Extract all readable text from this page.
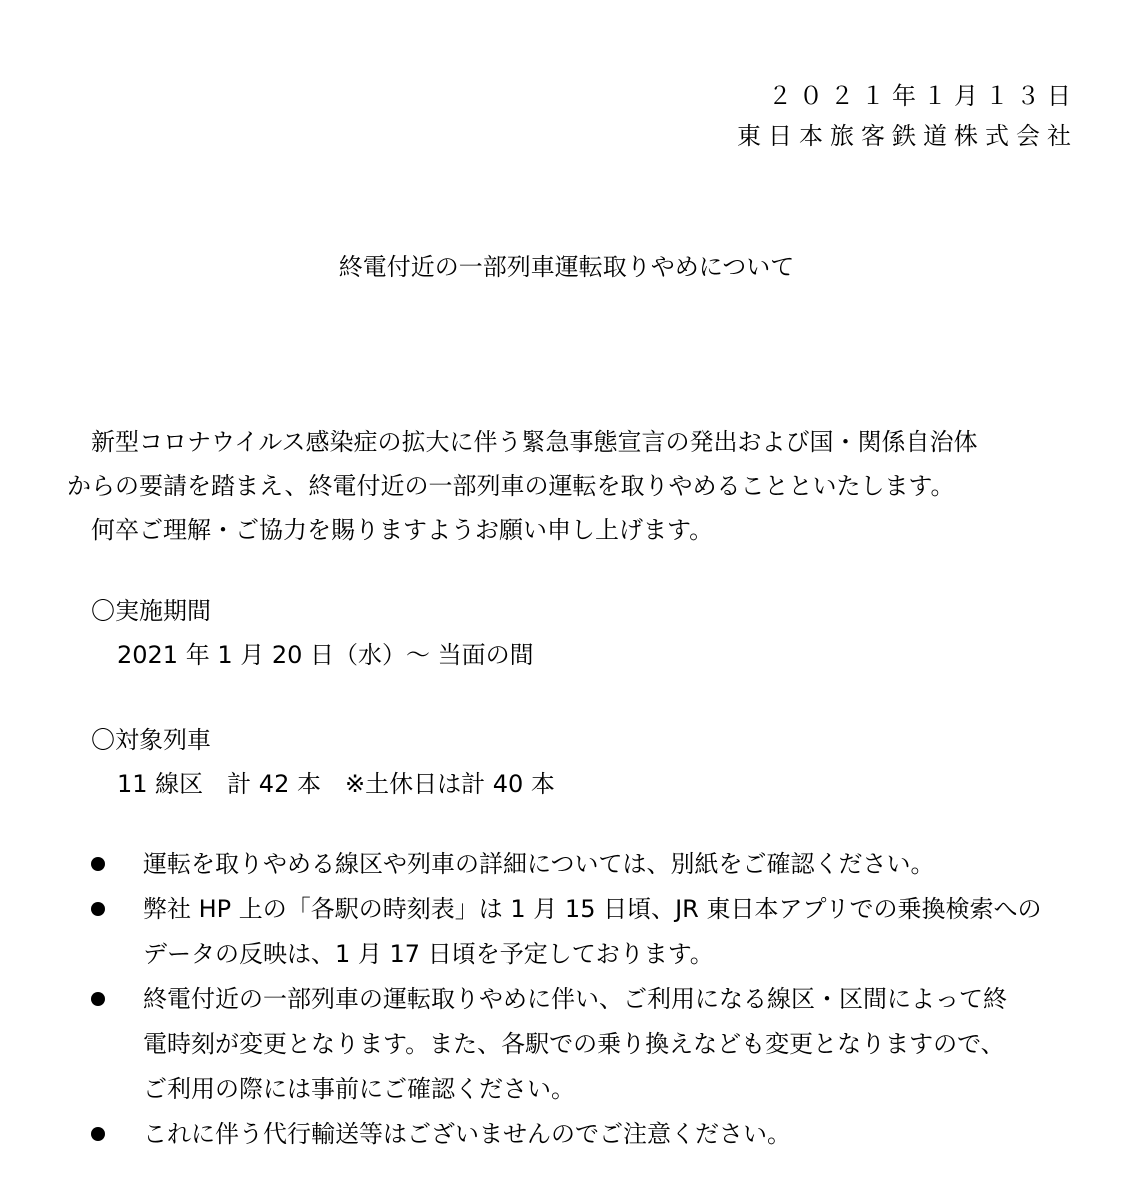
２０２１年１月１３日
東日本旅客鉄道株式会社
終電付近の一部列車運転取りやめについて

　新型コロナウイルス感染症の拡大に伴う緊急事態宣言の発出および国・関係自治体

からの要請を踏まえ、終電付近の一部列車の運転を取りやめることといたします。

　何卒ご理解・ご協力を賜りますようお願い申し上げます。

〇実施期間
2021 年 1 月 20 日（水）～ 当面の間
〇対象列車
11 線区　計 42 本　※土休日は計 40 本
運転を取りやめる線区や列車の詳細については、別紙をご確認ください。
弊社 HP 上の「各駅の時刻表」は 1 月 15 日頃、JR 東日本アプリでの乗換検索への
データの反映は、1 月 17 日頃を予定しております。
終電付近の一部列車の運転取りやめに伴い、ご利用になる線区・区間によって終
電時刻が変更となります。また、各駅での乗り換えなども変更となりますので、
ご利用の際には事前にご確認ください。
これに伴う代行輸送等はございませんのでご注意ください。
